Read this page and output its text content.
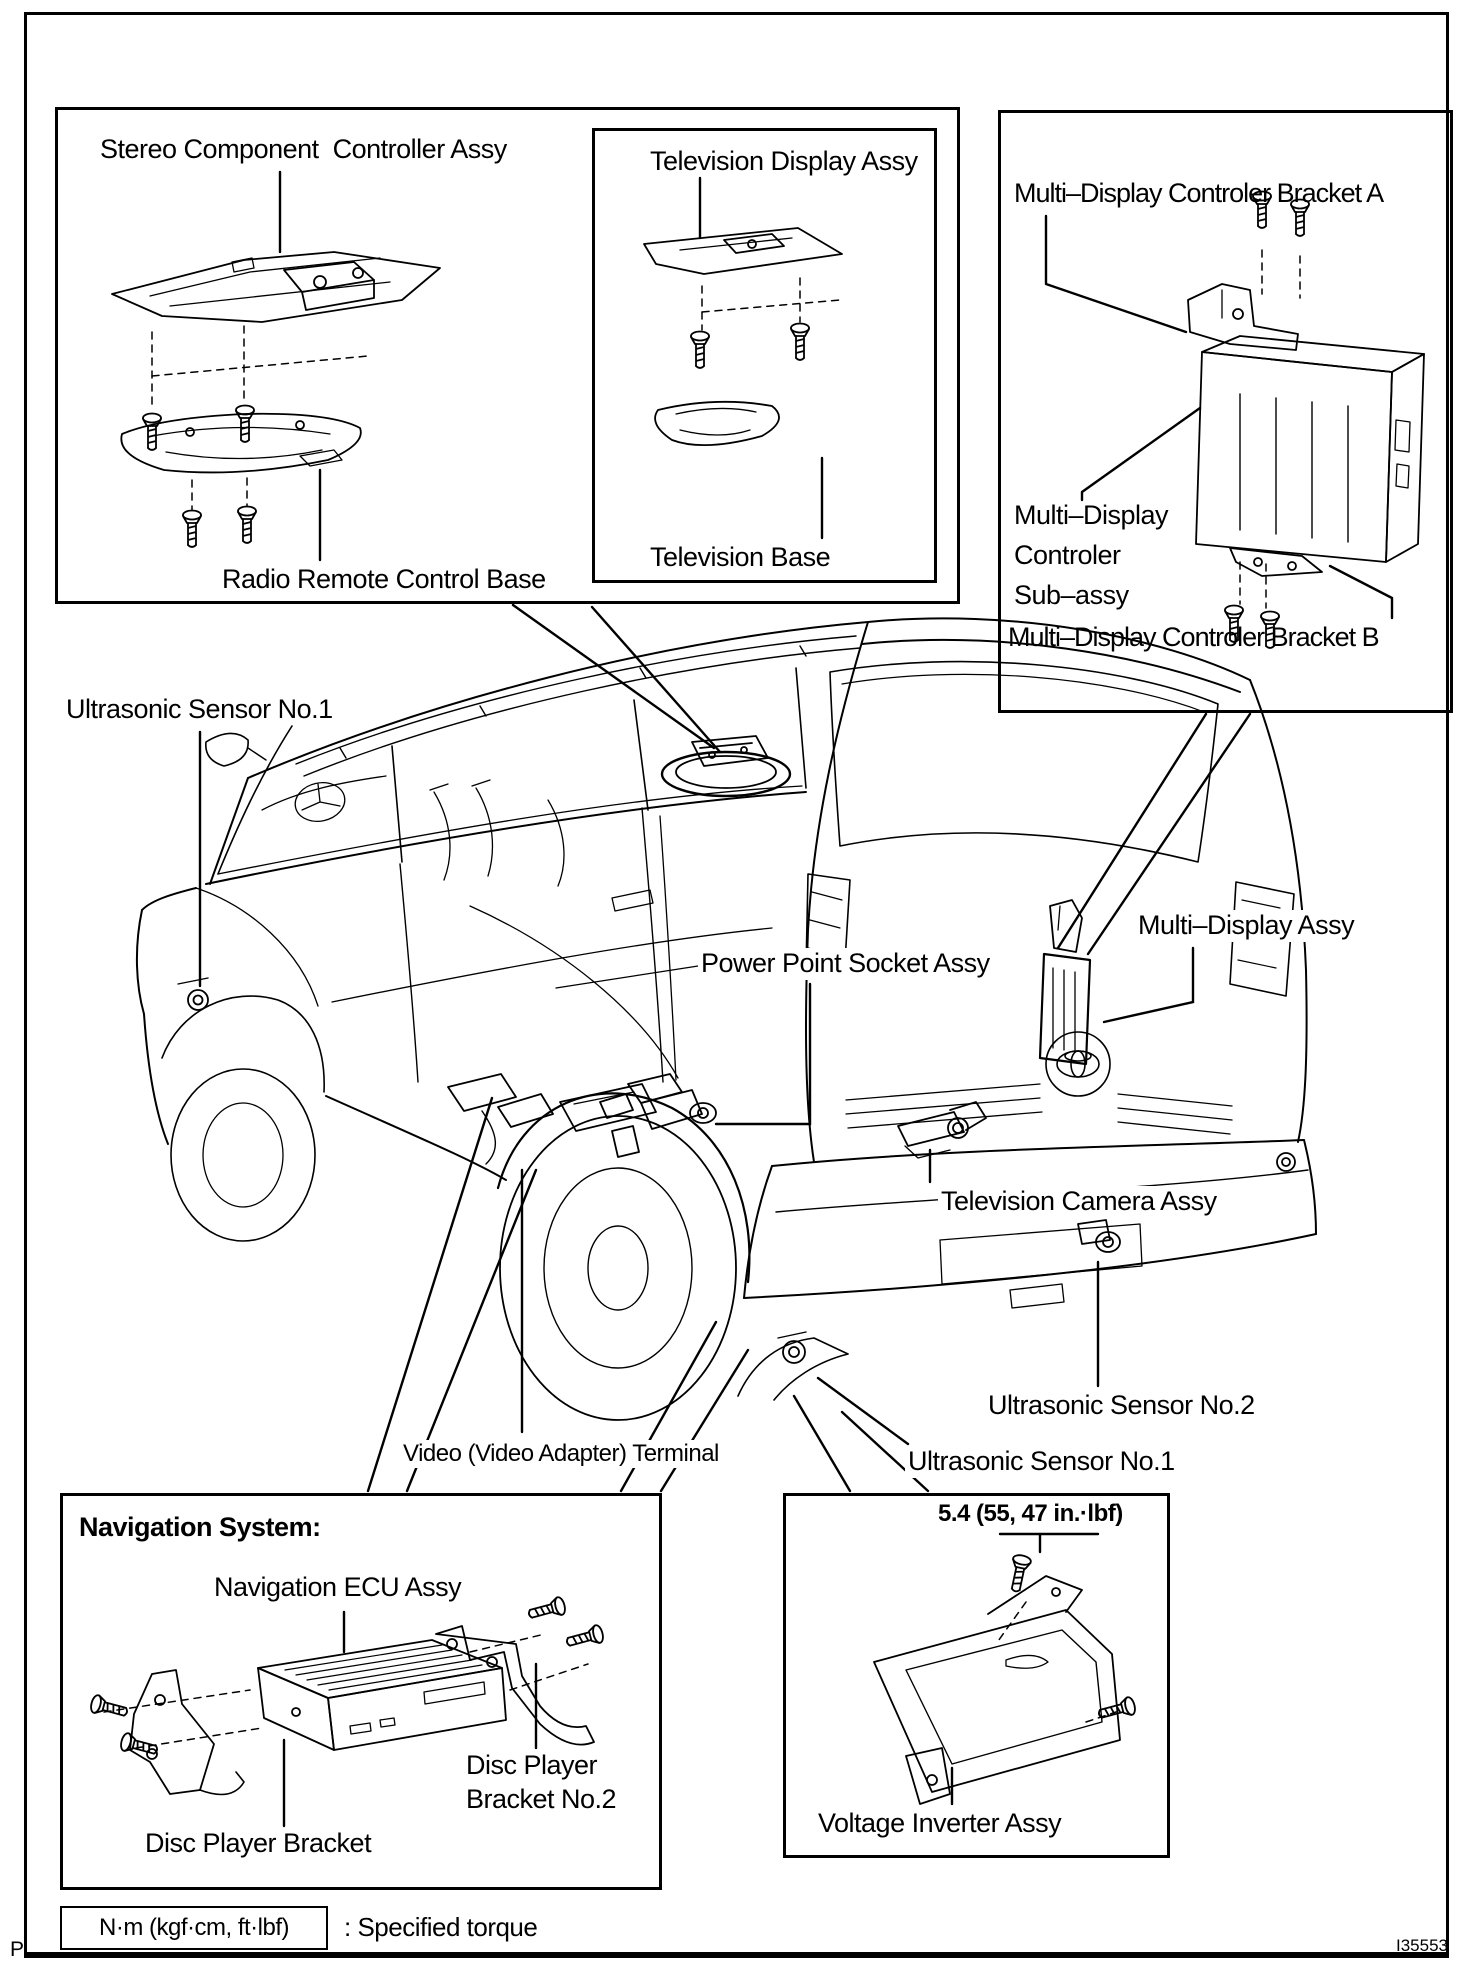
Stereo Component  Controller Assy
Radio Remote Control Base
Television Display Assy
Television Base
Multi–Display Controler Bracket A
Multi–Display
Controler
Sub–assy
Multi–Display Controler Bracket B
Ultrasonic Sensor No.1
Power Point Socket Assy
Multi–Display Assy
Television Camera Assy
Ultrasonic Sensor No.2
Ultrasonic Sensor No.1
Video (Video Adapter) Terminal
Navigation System:
Navigation ECU Assy
Disc Player
Bracket No.2
Disc Player Bracket
5.4 (55, 47 in.·lbf)
Voltage Inverter Assy
N·m (kgf·cm, ft·lbf) : Specified torque
P	I35553
